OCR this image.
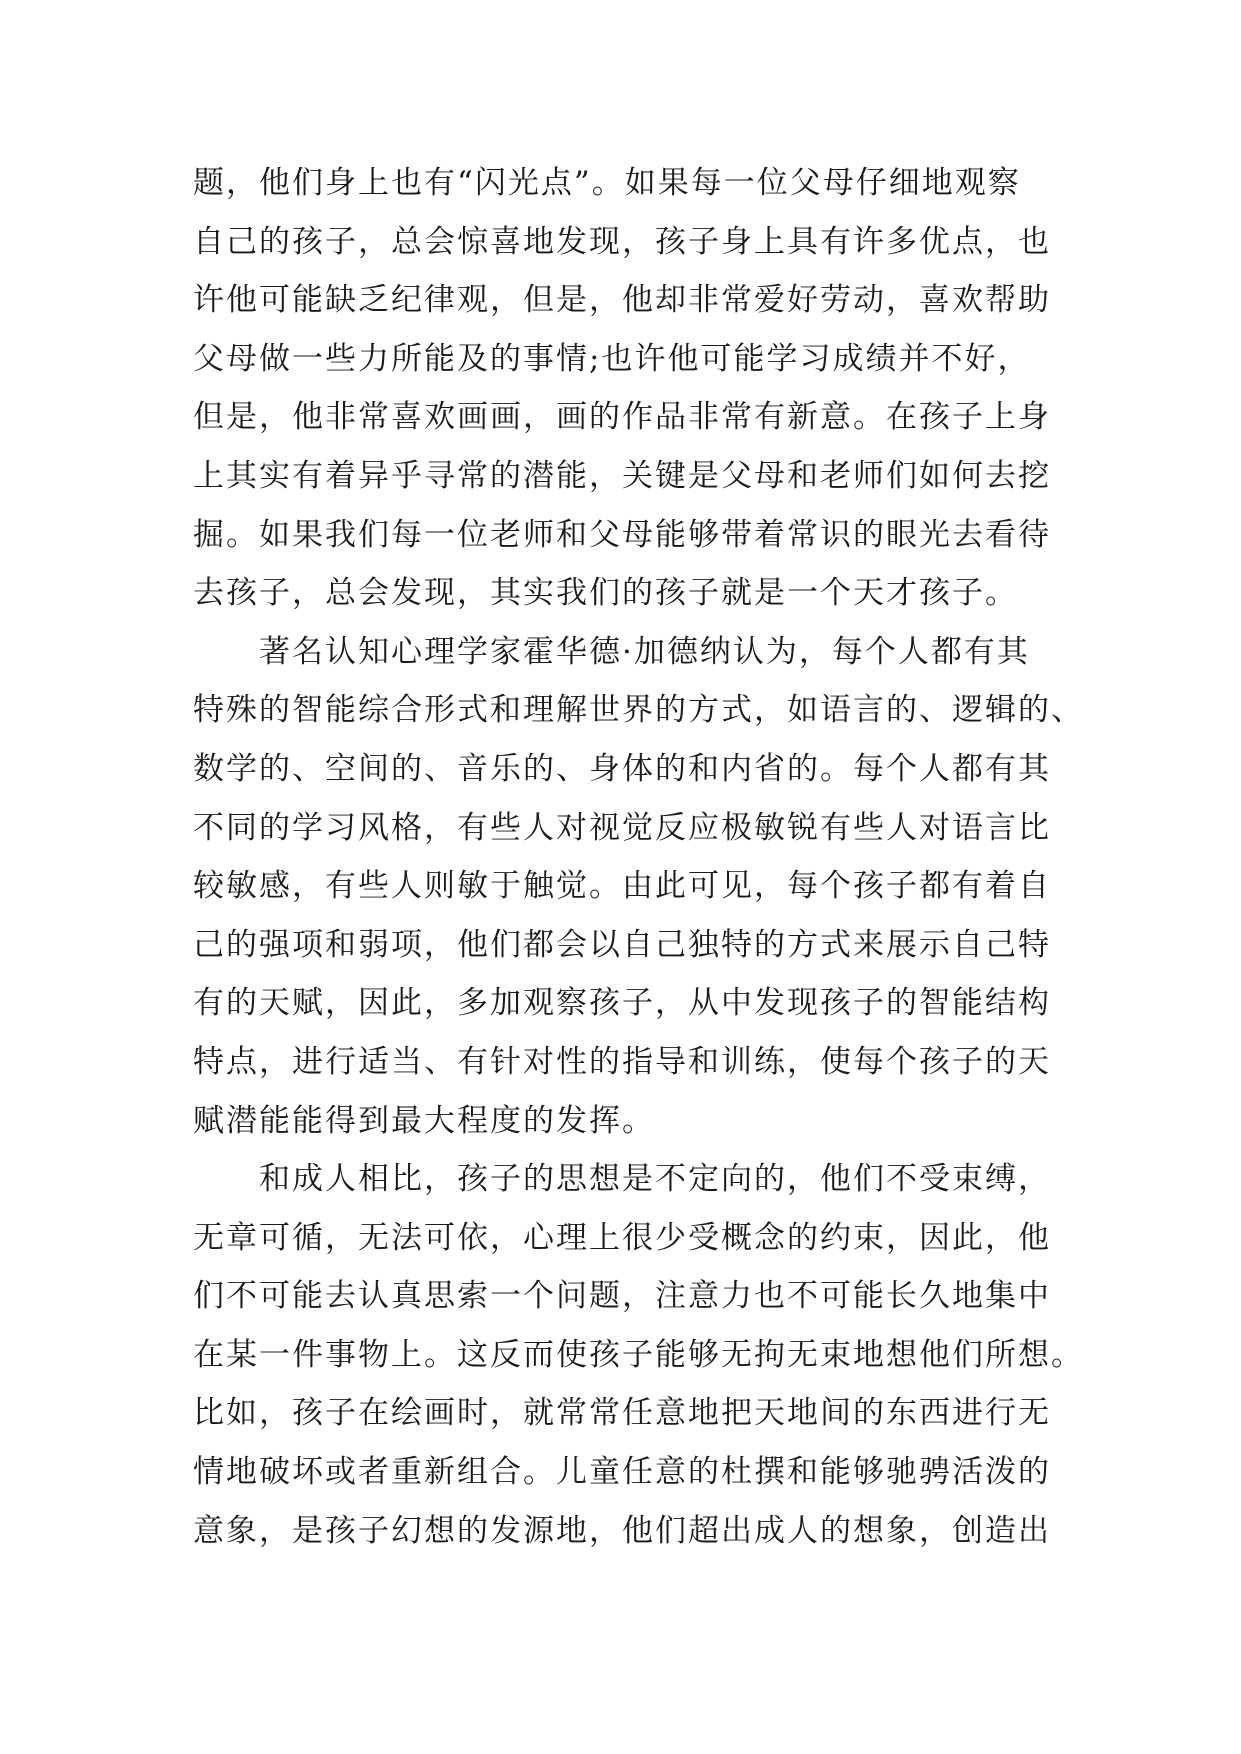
题，他们身上也有“闪光点”。如果每一位父母仔细地观察
自己的孩子，总会惊喜地发现，孩子身上具有许多优点，也
许他可能缺乏纪律观，但是，他却非常爱好劳动，喜欢帮助
父母做一些力所能及的事情;也许他可能学习成绩并不好，
但是，他非常喜欢画画，画的作品非常有新意。在孩子上身
上其实有着异乎寻常的潜能，关键是父母和老师们如何去挖
掘。如果我们每一位老师和父母能够带着常识的眼光去看待
去孩子，总会发现，其实我们的孩子就是一个天才孩子。
　　著名认知心理学家霍华德·加德纳认为，每个人都有其
特殊的智能综合形式和理解世界的方式，如语言的、逻辑的、
数学的、空间的、音乐的、身体的和内省的。每个人都有其
不同的学习风格，有些人对视觉反应极敏锐有些人对语言比
较敏感，有些人则敏于触觉。由此可见，每个孩子都有着自
己的强项和弱项，他们都会以自己独特的方式来展示自己特
有的天赋，因此，多加观察孩子，从中发现孩子的智能结构
特点，进行适当、有针对性的指导和训练，使每个孩子的天
赋潜能能得到最大程度的发挥。
　　和成人相比，孩子的思想是不定向的，他们不受束缚，
无章可循，无法可依，心理上很少受概念的约束，因此，他
们不可能去认真思索一个问题，注意力也不可能长久地集中
在某一件事物上。这反而使孩子能够无拘无束地想他们所想。
比如，孩子在绘画时，就常常任意地把天地间的东西进行无
情地破坏或者重新组合。儿童任意的杜撰和能够驰骋活泼的
意象，是孩子幻想的发源地，他们超出成人的想象，创造出
